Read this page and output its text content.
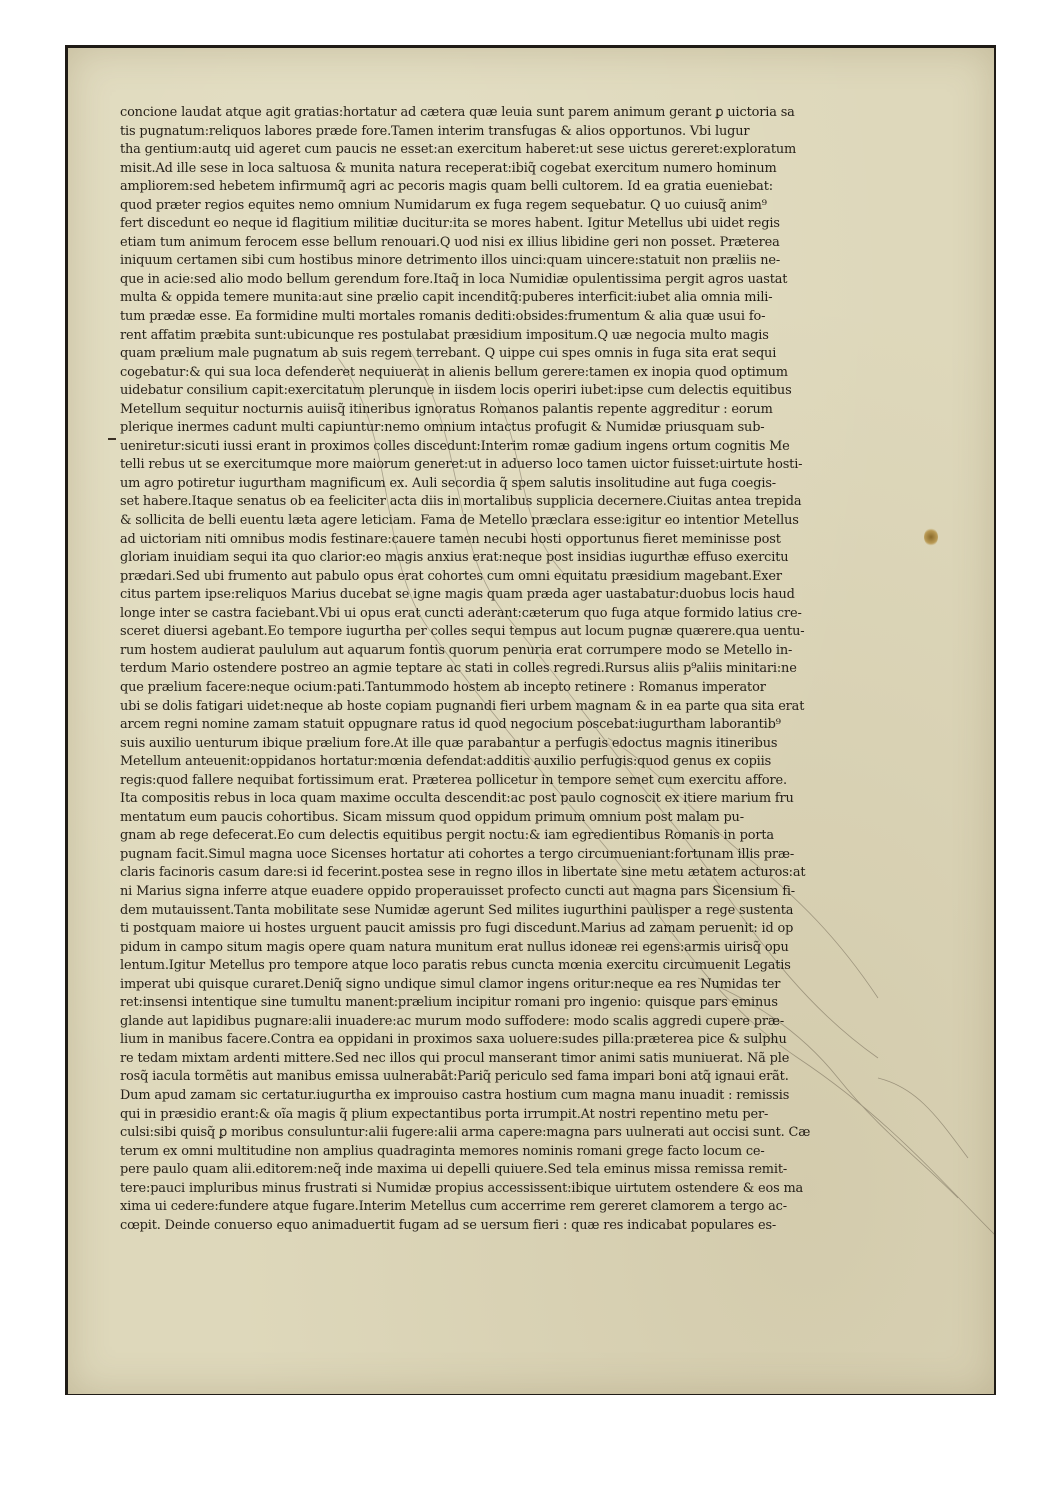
concione laudat atque agit gratias:hortatur ad cætera quæ leuia sunt parem animum gerant ꝑ uictoria sa
tis pugnatum:reliquos labores præde fore.Tamen interim transfugas & alios opportunos. Vbi lugur
tha gentium:autq uid ageret cum paucis ne esset:an exercitum haberet:ut sese uictus gereret:exploratum
misit.Ad ille sese in loca saltuosa & munita natura receperat:ibiq̃ cogebat exercitum numero hominum
ampliorem:sed hebetem infirmumq̃ agri ac pecoris magis quam belli cultorem. Id ea gratia eueniebat:
quod præter regios equites nemo omnium Numidarum ex fuga regem sequebatur. Q uo cuiusq̃ anim⁹
fert discedunt eo neque id flagitium militiæ ducitur:ita se mores habent. Igitur Metellus ubi uidet regis
etiam tum animum ferocem esse bellum renouari.Q uod nisi ex illius libidine geri non posset. Præterea
iniquum certamen sibi cum hostibus minore detrimento illos uinci:quam uincere:statuit non præliis ne-
que in acie:sed alio modo bellum gerendum fore.Itaq̃ in loca Numidiæ opulentissima pergit agros uastat
multa & oppida temere munita:aut sine prælio capit incenditq̃:puberes interficit:iubet alia omnia mili-
tum prædæ esse. Ea formidine multi mortales romanis dediti:obsides:frumentum & alia quæ usui fo-
rent affatim præbita sunt:ubicunque res postulabat præsidium impositum.Q uæ negocia multo magis
quam prælium male pugnatum ab suis regem terrebant. Q uippe cui spes omnis in fuga sita erat sequi
cogebatur:& qui sua loca defenderet nequiuerat in alienis bellum gerere:tamen ex inopia quod optimum
uidebatur consilium capit:exercitatum plerunque in iisdem locis operiri iubet:ipse cum delectis equitibus
Metellum sequitur nocturnis auiisq̃ itineribus ignoratus Romanos palantis repente aggreditur : eorum
plerique inermes cadunt multi capiuntur:nemo omnium intactus profugit & Numidæ priusquam sub-
ueniretur:sicuti iussi erant in proximos colles discedunt:Interim romæ gadium ingens ortum cognitis Me
telli rebus ut se exercitumque more maiorum generet:ut in aduerso loco tamen uictor fuisset:uirtute hosti-
um agro potiretur iugurtham magnificum ex. Auli secordia q̃ spem salutis insolitudine aut fuga coegis-
set habere.Itaque senatus ob ea feeliciter acta diis in mortalibus supplicia decernere.Ciuitas antea trepida
& sollicita de belli euentu læta agere leticiam. Fama de Metello præclara esse:igitur eo intentior Metellus
ad uictoriam niti omnibus modis festinare:cauere tamen necubi hosti opportunus fieret meminisse post
gloriam inuidiam sequi ita quo clarior:eo magis anxius erat:neque post insidias iugurthæ effuso exercitu
prædari.Sed ubi frumento aut pabulo opus erat cohortes cum omni equitatu præsidium magebant.Exer
citus partem ipse:reliquos Marius ducebat se igne magis quam præda ager uastabatur:duobus locis haud
longe inter se castra faciebant.Vbi ui opus erat cuncti aderant:cæterum quo fuga atque formido latius cre-
sceret diuersi agebant.Eo tempore iugurtha per colles sequi tempus aut locum pugnæ quærere.qua uentu-
rum hostem audierat paululum aut aquarum fontis quorum penuria erat corrumpere modo se Metello in-
terdum Mario ostendere postreo an agmie teptare ac stati in colles regredi.Rursus aliis p⁹aliis minitari:ne
que prælium facere:neque ocium:pati.Tantummodo hostem ab incepto retinere : Romanus imperator
ubi se dolis fatigari uidet:neque ab hoste copiam pugnandi fieri urbem magnam & in ea parte qua sita erat
arcem regni nomine zamam statuit oppugnare ratus id quod negocium poscebat:iugurtham laborantib⁹
suis auxilio uenturum ibique prælium fore.At ille quæ parabantur a perfugis edoctus magnis itineribus
Metellum anteuenit:oppidanos hortatur:mœnia defendat:additis auxilio perfugis:quod genus ex copiis
regis:quod fallere nequibat fortissimum erat. Præterea pollicetur in tempore semet cum exercitu affore.
Ita compositis rebus in loca quam maxime occulta descendit:ac post paulo cognoscit ex itiere marium fru
mentatum eum paucis cohortibus. Sicam missum quod oppidum primum omnium post malam pu-
gnam ab rege defecerat.Eo cum delectis equitibus pergit noctu:& iam egredientibus Romanis in porta
pugnam facit.Simul magna uoce Sicenses hortatur ati cohortes a tergo circumueniant:fortunam illis præ-
claris facinoris casum dare:si id fecerint.postea sese in regno illos in libertate sine metu ætatem acturos:at
ni Marius signa inferre atque euadere oppido properauisset profecto cuncti aut magna pars Sicensium fi-
dem mutauissent.Tanta mobilitate sese Numidæ agerunt Sed milites iugurthini paulisper a rege sustenta
ti postquam maiore ui hostes urguent paucit amissis pro fugi discedunt.Marius ad zamam peruenit: id op
pidum in campo situm magis opere quam natura munitum erat nullus idoneæ rei egens:armis uirisq̃ opu
lentum.Igitur Metellus pro tempore atque loco paratis rebus cuncta mœnia exercitu circumuenit Legatis
imperat ubi quisque curaret.Deniq̃ signo undique simul clamor ingens oritur:neque ea res Numidas ter
ret:insensi intentique sine tumultu manent:prælium incipitur romani pro ingenio: quisque pars eminus
glande aut lapidibus pugnare:alii inuadere:ac murum modo suffodere: modo scalis aggredi cupere præ-
lium in manibus facere.Contra ea oppidani in proximos saxa uoluere:sudes pilla:præterea pice & sulphu
re tedam mixtam ardenti mittere.Sed nec illos qui procul manserant timor animi satis muniuerat. Nã ple
rosq̃ iacula tormẽtis aut manibus emissa uulnerabãt:Pariq̃ periculo sed fama impari boni atq̃ ignaui erãt.
Dum apud zamam sic certatur.iugurtha ex improuiso castra hostium cum magna manu inuadit : remissis
qui in præsidio erant:& oĩa magis q̃ plium expectantibus porta irrumpit.At nostri repentino metu per-
culsi:sibi quisq̃ ꝑ moribus consuluntur:alii fugere:alii arma capere:magna pars uulnerati aut occisi sunt. Cæ
terum ex omni multitudine non amplius quadraginta memores nominis romani grege facto locum ce-
pere paulo quam alii.editorem:neq̃ inde maxima ui depelli quiuere.Sed tela eminus missa remissa remit-
tere:pauci impluribus minus frustrati si Numidæ propius accessissent:ibique uirtutem ostendere & eos ma
xima ui cedere:fundere atque fugare.Interim Metellus cum accerrime rem gereret clamorem a tergo ac-
cœpit. Deinde conuerso equo animaduertit fugam ad se uersum fieri : quæ res indicabat populares es-
